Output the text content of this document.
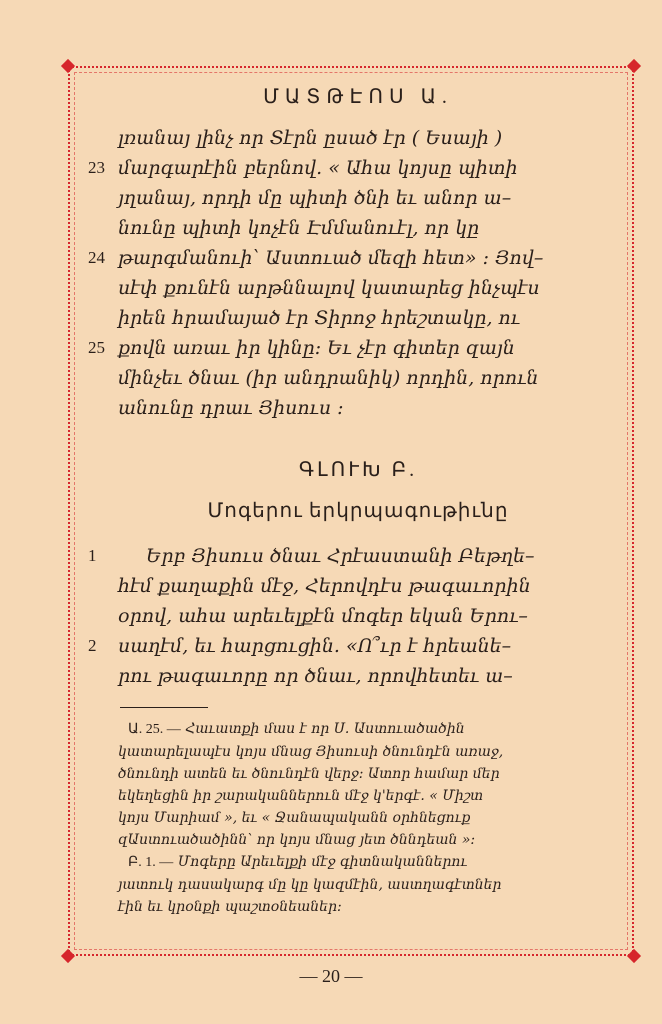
ՄԱՏԹԷՈՍ Ա.
լռանայ լինչ որ Տէրն ըսած էր ( Եսայի )
23 մարգարէին բերնով. « Ահա կոյսը պիտի
յղանայ, որդի մը պիտի ծնի եւ անոր ա–
նունը պիտի կոչէն Էմմանուէլ, որ կը
24 թարգմանուի՝ Աստուած մեզի հետ» : Յով–
սէփ քունէն արթննալով կատարեց ինչպէս
իրեն հրամայած էր Տիրոջ հրեշտակը, ու
25 քովն առաւ իր կինը: Եւ չէր գիտեր զայն
մինչեւ ծնաւ (իր անդրանիկ) որդին, որուն
անունը դրաւ Յիսուս :
ԳԼՈՒԽ Բ.
Մոգերու երկրպագութիւնը
1	Երբ Յիսուս ծնաւ Հրէաստանի Բեթղե–
հէմ քաղաքին մէջ, Հերովդէս թագաւորին
օրով, ահա արեւելքէն մոգեր եկան Երու–
2 սաղէմ, եւ հարցուցին. «Ո՞ւր է հրեանե–
րու թագաւորը որ ծնաւ, որովհետեւ ա–
Ա. 25. — Հաւատքի մաս է որ Ս. Աստուածածին
կատարելապէս կոյս մնաց Յիսուսի ծնունդէն առաջ,
ծնունդի ատեն եւ ծնունդէն վերջ: Ատոր համար մեր
եկեղեցին իր շարականներուն մէջ կ'երգէ. « Միշտ
կոյս Մարիամ », եւ « Ջանապականն օրհնեցուք
զԱստուածածինն՝ որ կոյս մնաց յետ ծննդեան »:
Բ. 1. — Մոգերը Արեւելքի մէջ գիտնականներու
յատուկ դասակարգ մը կը կազմէին, աստղագէտներ
էին եւ կրօնքի պաշտօնեաներ:
— 20 —
